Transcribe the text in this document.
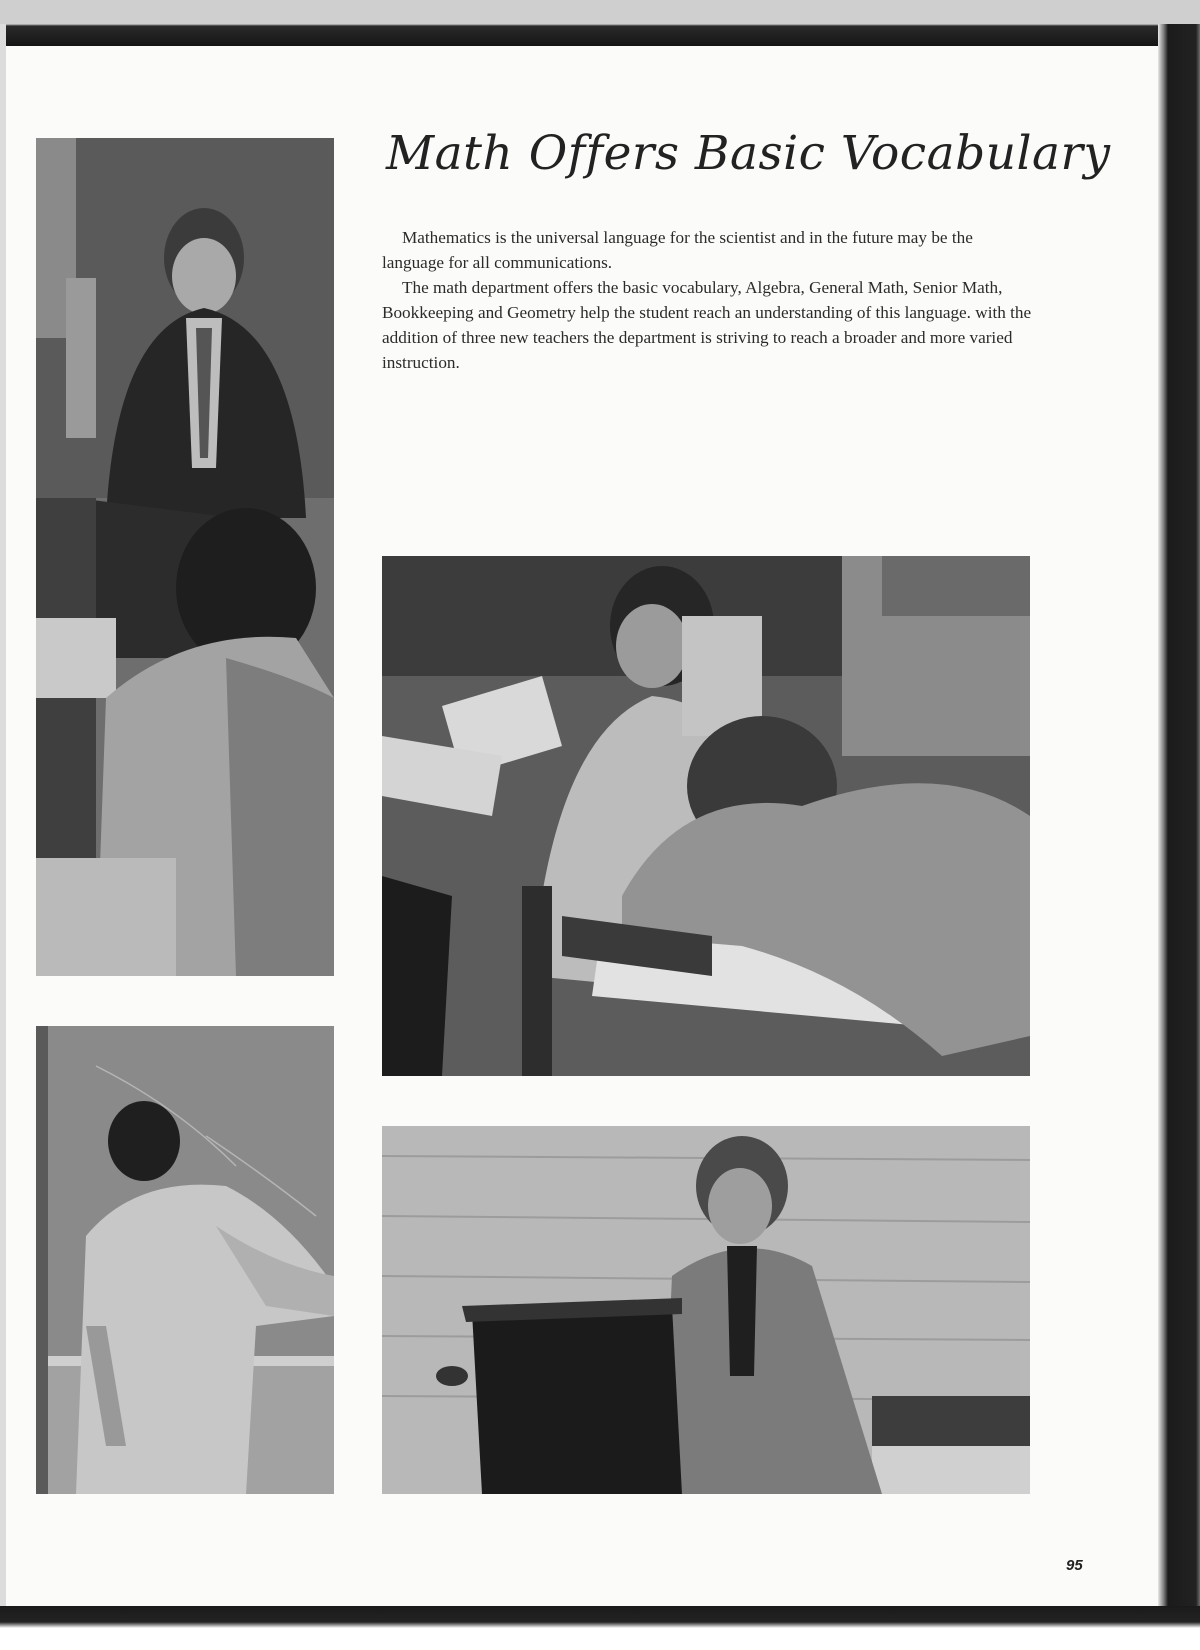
Math Offers Basic Vocabulary

Mathematics is the universal language for the scientist and in the future may be the language for all communications.

The math department offers the basic vocabulary, Algebra, General Math, Senior Math, Bookkeeping and Geometry help the student reach an understanding of this language. with the addition of three new teachers the department is striving to reach a broader and more varied instruction.

95
